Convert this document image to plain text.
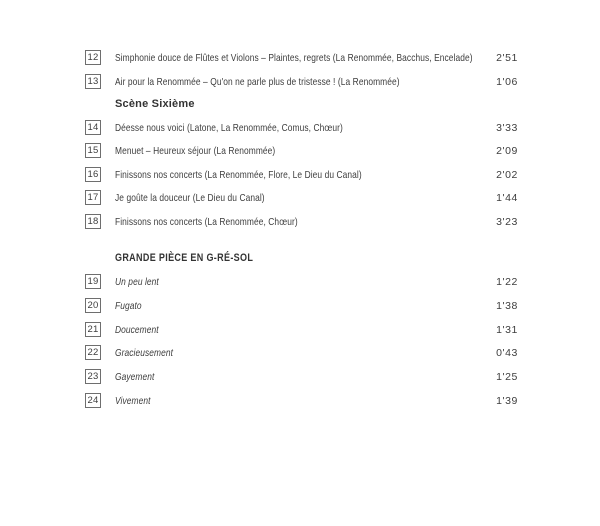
12 Simphonie douce de Flûtes et Violons – Plaintes, regrets (La Renommée, Bacchus, Encelade) 2'51
13 Air pour la Renommée – Qu'on ne parle plus de tristesse ! (La Renommée)	1'06
Scène Sixième
14 Déesse nous voici (Latone, La Renommée, Comus, Chœur)	3'33
15 Menuet – Heureux séjour (La Renommée)	2'09
16 Finissons nos concerts (La Renommée, Flore, Le Dieu du Canal)	2'02
17 Je goûte la douceur (Le Dieu du Canal)	1'44
18 Finissons nos concerts (La Renommée, Chœur)	3'23
GRANDE PIÈCE EN G-RÉ-SOL
19 Un peu lent	1'22
20 Fugato	1'38
21 Doucement	1'31
22 Gracieusement	0'43
23 Gayement	1'25
24 Vivement	1'39
